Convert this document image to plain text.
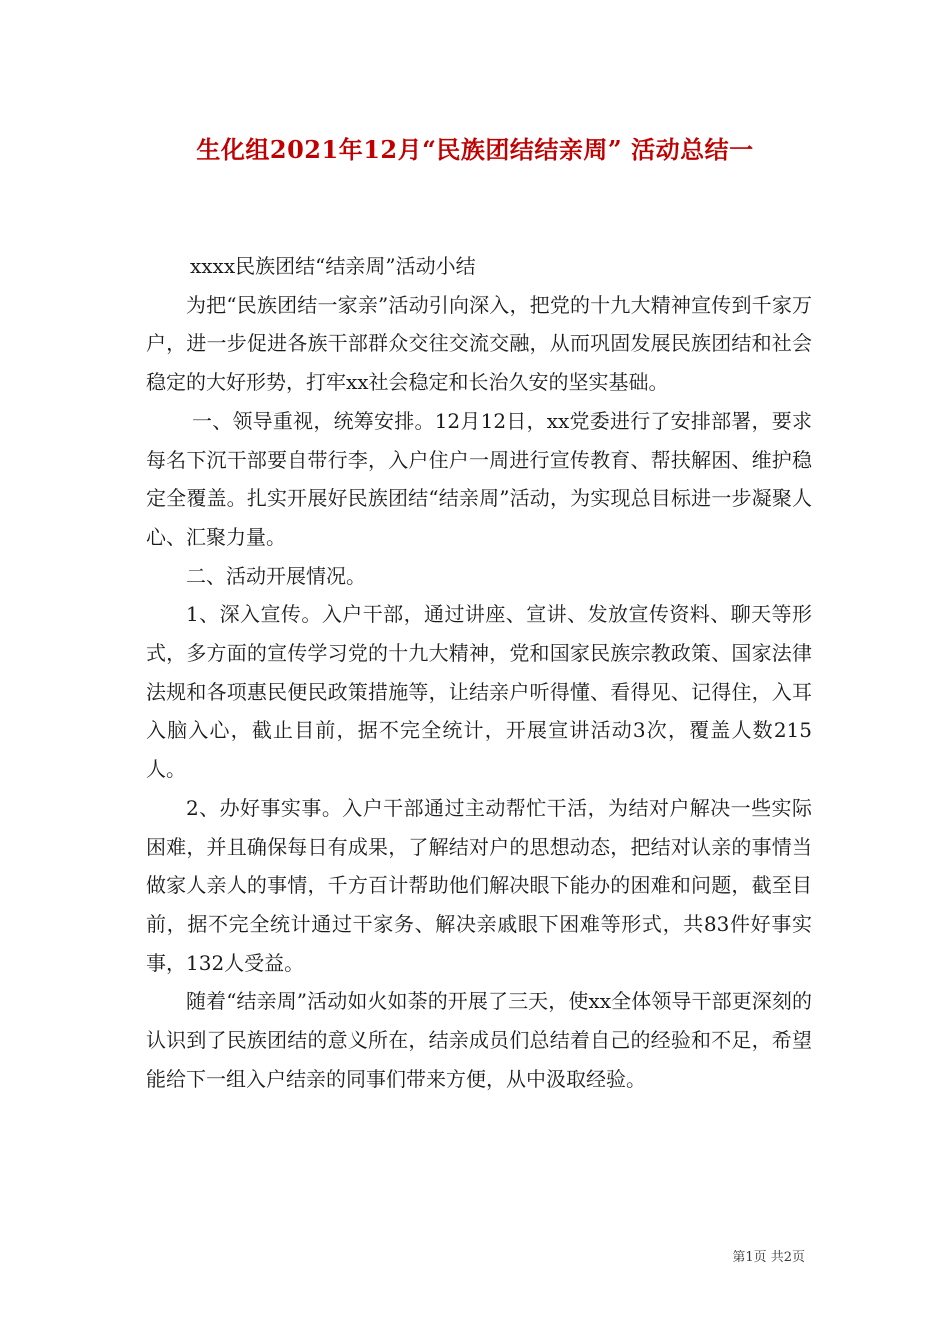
生化组2021年12月“民族团结结亲周” 活动总结一

xxxx民族团结“结亲周”活动小结

为把“民族团结一家亲”活动引向深入，把党的十九大精神宣传到千家万户，进一步促进各族干部群众交往交流交融，从而巩固发展民族团结和社会稳定的大好形势，打牢xx社会稳定和长治久安的坚实基础。

一、领导重视，统筹安排。12月12日，xx党委进行了安排部署，要求每名下沉干部要自带行李，入户住户一周进行宣传教育、帮扶解困、维护稳定全覆盖。扎实开展好民族团结“结亲周”活动，为实现总目标进一步凝聚人心、汇聚力量。

二、活动开展情况。

1、深入宣传。入户干部，通过讲座、宣讲、发放宣传资料、聊天等形式，多方面的宣传学习党的十九大精神，党和国家民族宗教政策、国家法律法规和各项惠民便民政策措施等，让结亲户听得懂、看得见、记得住，入耳入脑入心，截止目前，据不完全统计，开展宣讲活动3次，覆盖人数215人。

2、办好事实事。入户干部通过主动帮忙干活，为结对户解决一些实际困难，并且确保每日有成果，了解结对户的思想动态，把结对认亲的事情当做家人亲人的事情，千方百计帮助他们解决眼下能办的困难和问题，截至目前，据不完全统计通过干家务、解决亲戚眼下困难等形式，共83件好事实事，132人受益。

随着“结亲周”活动如火如荼的开展了三天，使xx全体领导干部更深刻的认识到了民族团结的意义所在，结亲成员们总结着自己的经验和不足，希望能给下一组入户结亲的同事们带来方便，从中汲取经验。

第1页 共2页
